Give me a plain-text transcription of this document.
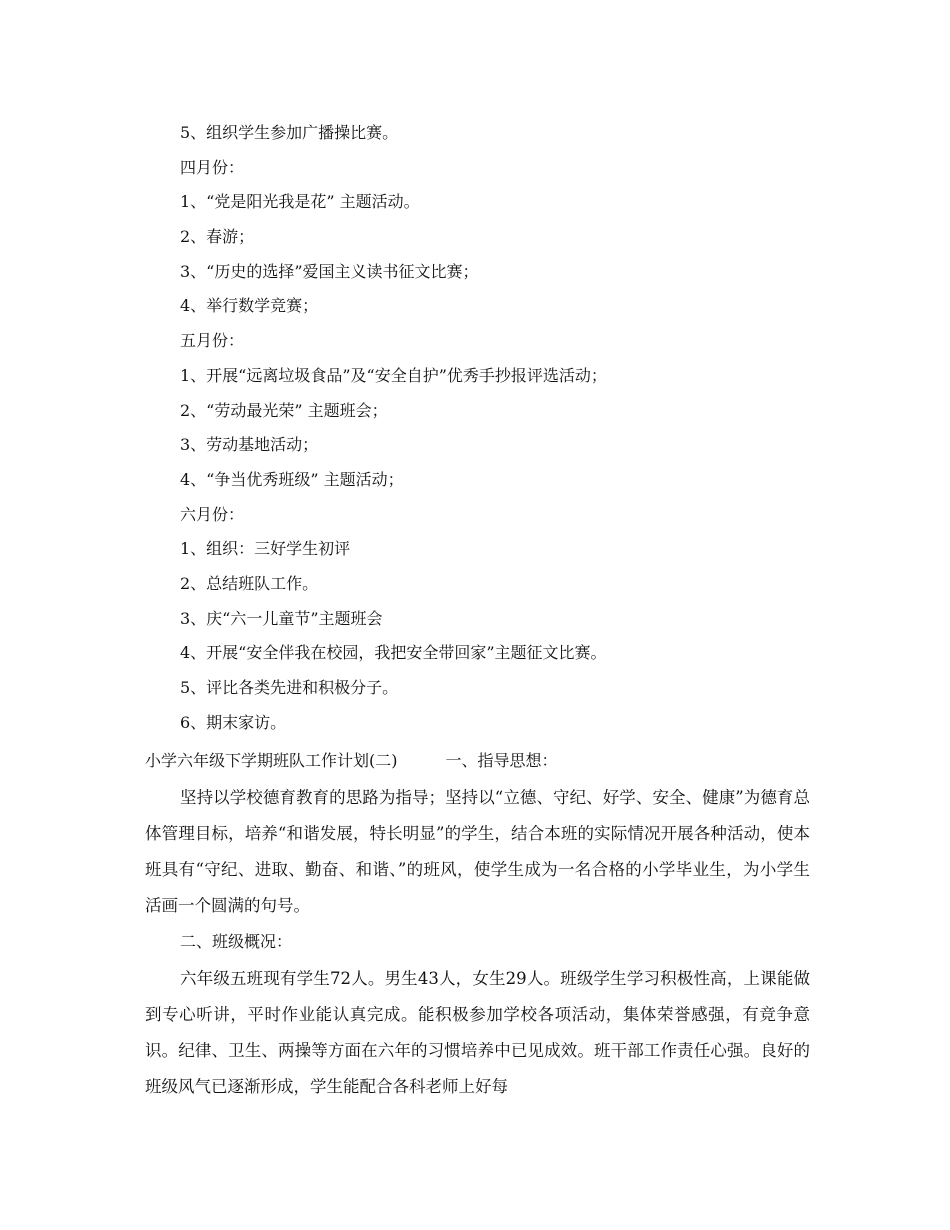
5、组织学生参加广播操比赛。
四月份：
1、“党是阳光我是花” 主题活动。
2、春游；
3、“历史的选择”爱国主义读书征文比赛；
4、举行数学竞赛；
五月份：
1、开展“远离垃圾食品”及“安全自护”优秀手抄报评选活动；
2、“劳动最光荣” 主题班会；
3、劳动基地活动；
4、“争当优秀班级” 主题活动；
六月份：
1、组织：三好学生初评
2、总结班队工作。
3、庆“六一儿童节”主题班会
4、开展“安全伴我在校园，我把安全带回家”主题征文比赛。
5、评比各类先进和积极分子。
6、期末家访。
小学六年级下学期班队工作计划(二)	一、指导思想：
坚持以学校德育教育的思路为指导；坚持以“立德、守纪、好学、安全、健康”为德育总体管理目标，培养“和谐发展，特长明显”的学生，结合本班的实际情况开展各种活动，使本班具有“守纪、进取、勤奋、和谐、”的班风，使学生成为一名合格的小学毕业生，为小学生活画一个圆满的句号。
二、班级概况：
六年级五班现有学生72人。男生43人，女生29人。班级学生学习积极性高，上课能做到专心听讲，平时作业能认真完成。能积极参加学校各项活动，集体荣誉感强，有竞争意识。纪律、卫生、两操等方面在六年的习惯培养中已见成效。班干部工作责任心强。良好的班级风气已逐渐形成，学生能配合各科老师上好每
